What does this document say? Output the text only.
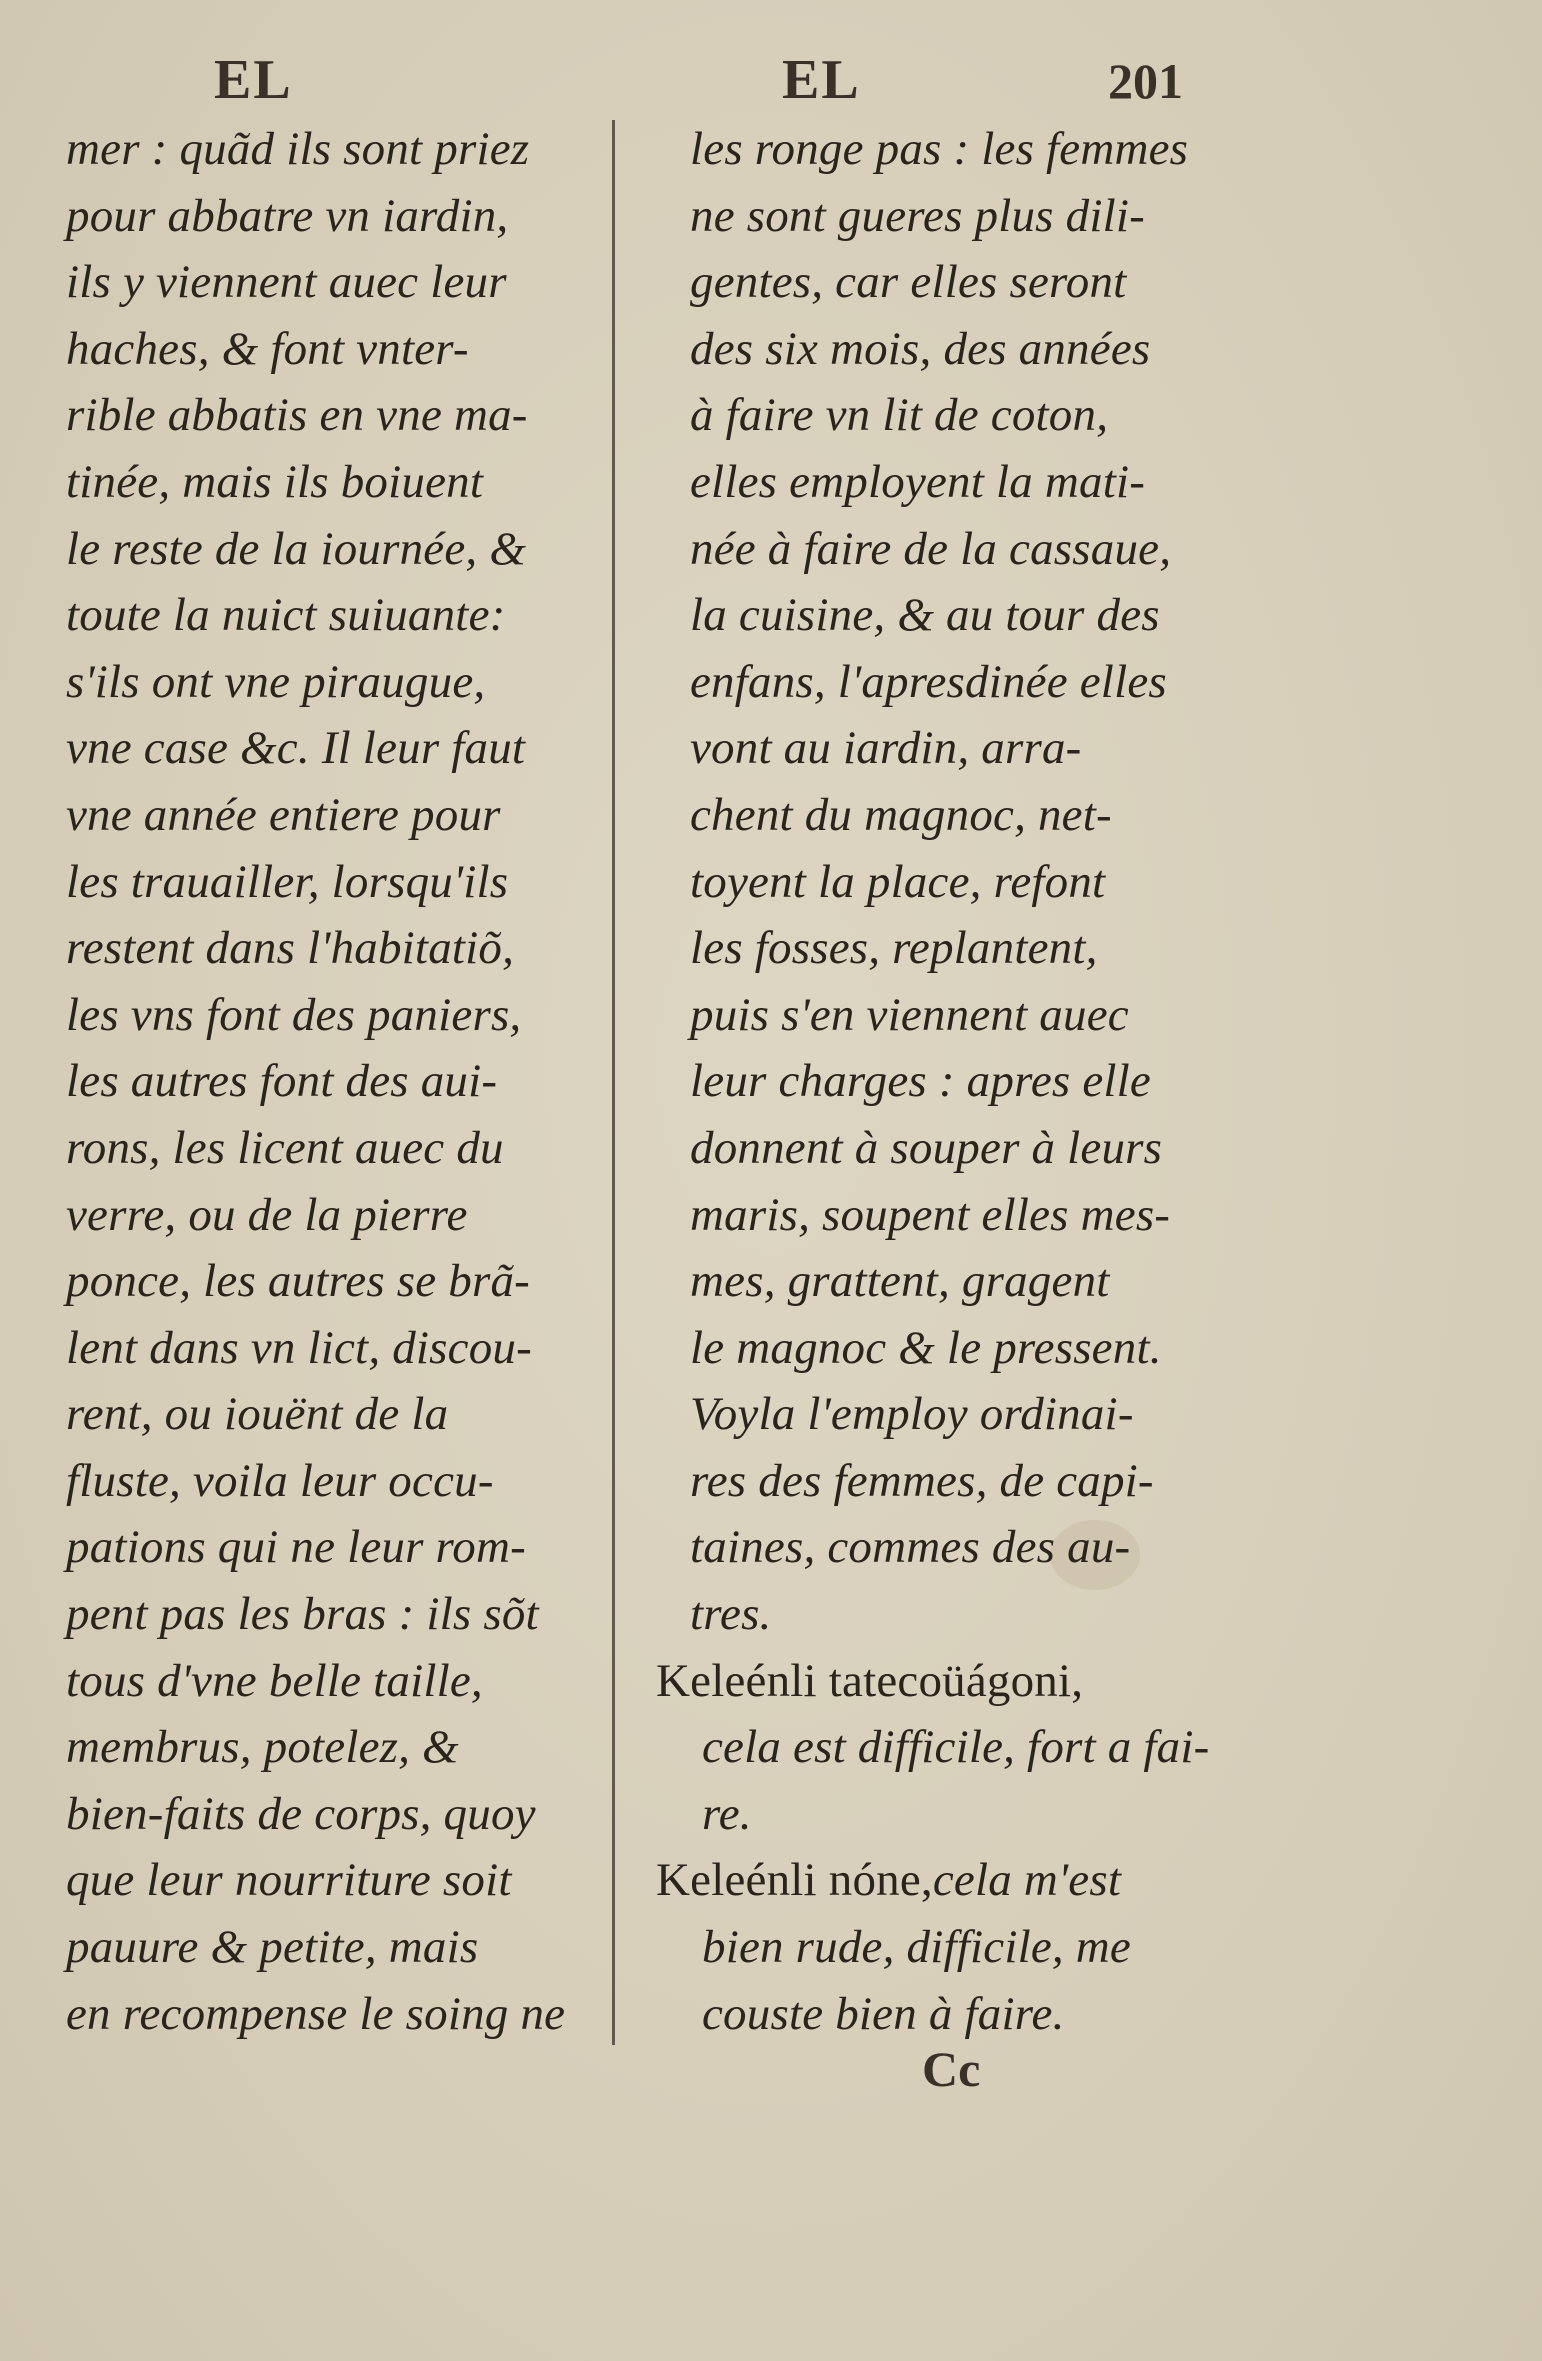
EL	EL	201
mer : quãd ils sont priez
pour abbatre vn iardin,
ils y viennent auec leur
haches, & font vnter-
rible abbatis en vne ma-
tinée, mais ils boiuent
le reste de la iournée, &
toute la nuict suiuante:
s'ils ont vne piraugue,
vne case &c. Il leur faut
vne année entiere pour
les trauailler, lorsqu'ils
restent dans l'habitatiõ,
les vns font des paniers,
les autres font des aui-
rons, les licent auec du
verre, ou de la pierre
ponce, les autres se brã-
lent dans vn lict, discou-
rent, ou iouënt de la
fluste, voila leur occu-
pations qui ne leur rom-
pent pas les bras : ils sõt
tous d'vne belle taille,
membrus, potelez, &
bien-faits de corps, quoy
que leur nourriture soit
pauure & petite, mais
en recompense le soing ne
les ronge pas : les femmes
ne sont gueres plus dili-
gentes, car elles seront
des six mois, des années
à faire vn lit de coton,
elles employent la mati-
née à faire de la cassaue,
la cuisine, & au tour des
enfans, l'apresdinée elles
vont au iardin, arra-
chent du magnoc, net-
toyent la place, refont
les fosses, replantent,
puis s'en viennent auec
leur charges : apres elle
donnent à souper à leurs
maris, soupent elles mes-
mes, grattent, gragent
le magnoc & le pressent.
Voyla l'employ ordinai-
res des femmes, de capi-
taines, commes des au-
tres.
Keleénli tatecoüágoni,
cela est difficile, fort a fai-
re.
Keleénli nóne,cela m'est
bien rude, difficile, me
couste bien à faire.
Cc
